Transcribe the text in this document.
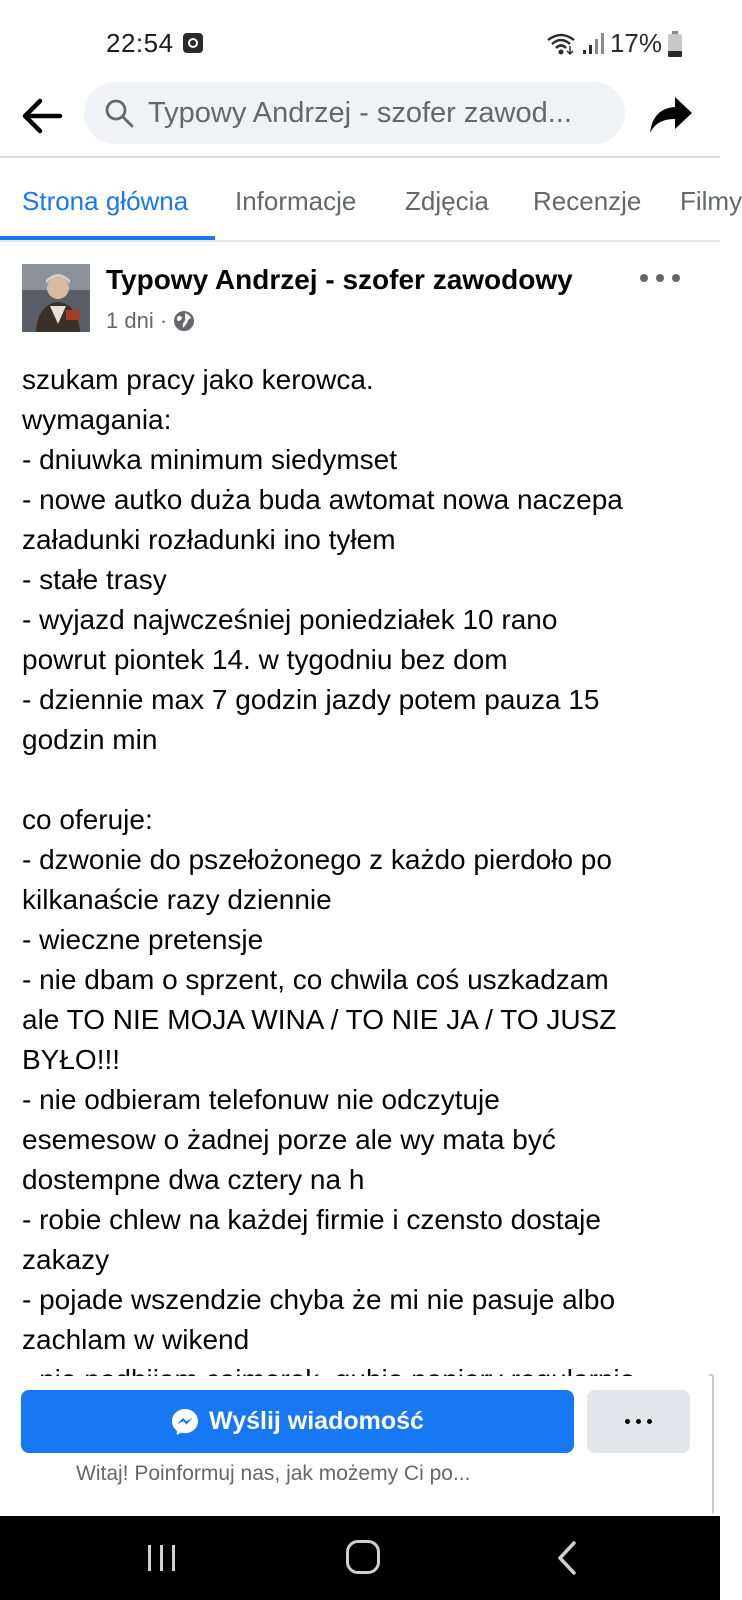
22:54	17%
Typowy Andrzej - szofer zawod...
Strona główna Informacje Zdjęcia Recenzje Filmy
Typowy Andrzej - szofer zawodowy
1 dni ·
szukam pracy jako kerowca.
wymagania:
- dniuwka minimum siedymset
- nowe autko duża buda awtomat nowa naczepa
załadunki rozładunki ino tyłem
- stałe trasy
- wyjazd najwcześniej poniedziałek 10 rano
powrut piontek 14. w tygodniu bez dom
- dziennie max 7 godzin jazdy potem pauza 15
godzin min
co oferuje:
- dzwonie do pszełożonego z każdo pierdoło po
kilkanaście razy dziennie
- wieczne pretensje
- nie dbam o sprzent, co chwila coś uszkadzam
ale TO NIE MOJA WINA / TO NIE JA / TO JUSZ
BYŁO!!!
- nie odbieram telefonuw nie odczytuje
esemesow o żadnej porze ale wy mata być
dostempne dwa cztery na h
- robie chlew na każdej firmie i czensto dostaje
zakazy
- pojade wszendzie chyba że mi nie pasuje albo
zachlam w wikend
Wyślij wiadomość
Witaj! Poinformuj nas, jak możemy Ci po...
